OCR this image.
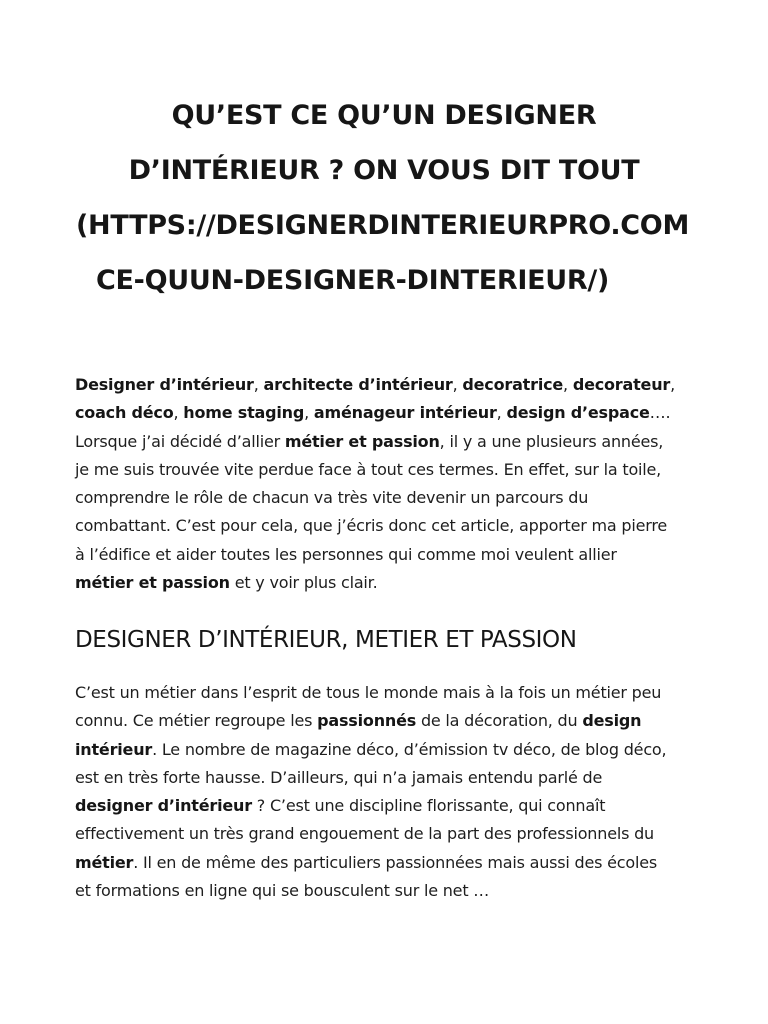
QU’EST CE QU’UN DESIGNER
D’INTÉRIEUR ? ON VOUS DIT TOUT
(HTTPS://DESIGNERDINTERIEURPRO.COM
CE-QUUN-DESIGNER-DINTERIEUR/)

Designer d’intérieur, architecte d’intérieur, decoratrice, decorateur,
coach déco, home staging, aménageur intérieur, design d’espace….
Lorsque j’ai décidé d’allier métier et passion, il y a une plusieurs années,
je me suis trouvée vite perdue face à tout ces termes. En effet, sur la toile,
comprendre le rôle de chacun va très vite devenir un parcours du
combattant. C’est pour cela, que j’écris donc cet article, apporter ma pierre
à l’édifice et aider toutes les personnes qui comme moi veulent allier
métier et passion et y voir plus clair.

DESIGNER D’INTÉRIEUR, METIER ET PASSION

C’est un métier dans l’esprit de tous le monde mais à la fois un métier peu
connu. Ce métier regroupe les passionnés de la décoration, du design
intérieur. Le nombre de magazine déco, d’émission tv déco, de blog déco,
est en très forte hausse. D’ailleurs, qui n’a jamais entendu parlé de
designer d’intérieur ? C’est une discipline florissante, qui connaît
effectivement un très grand engouement de la part des professionnels du
métier. Il en de même des particuliers passionnées mais aussi des écoles
et formations en ligne qui se bousculent sur le net …
